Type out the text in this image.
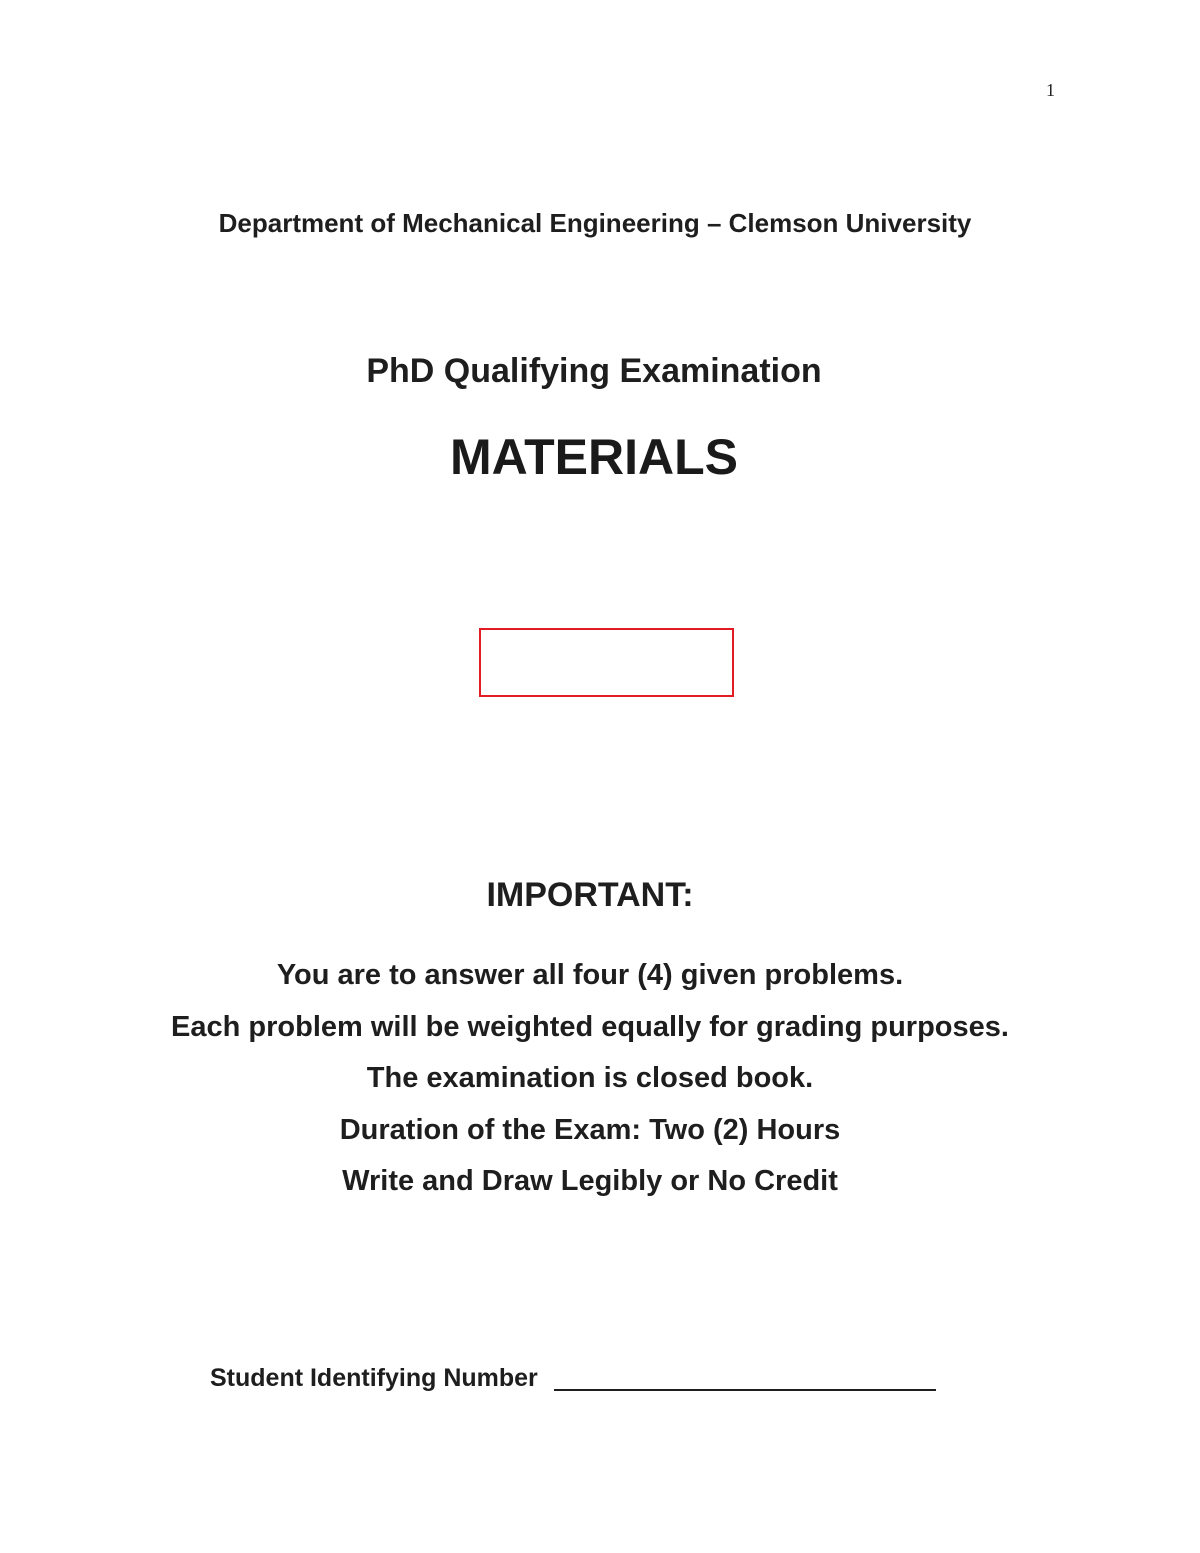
1
Department of Mechanical Engineering – Clemson University
PhD Qualifying Examination
MATERIALS
IMPORTANT:
You are to answer all four (4) given problems.
Each problem will be weighted equally for grading purposes.
The examination is closed book.
Duration of the Exam: Two (2) Hours
Write and Draw Legibly or No Credit
Student Identifying Number
